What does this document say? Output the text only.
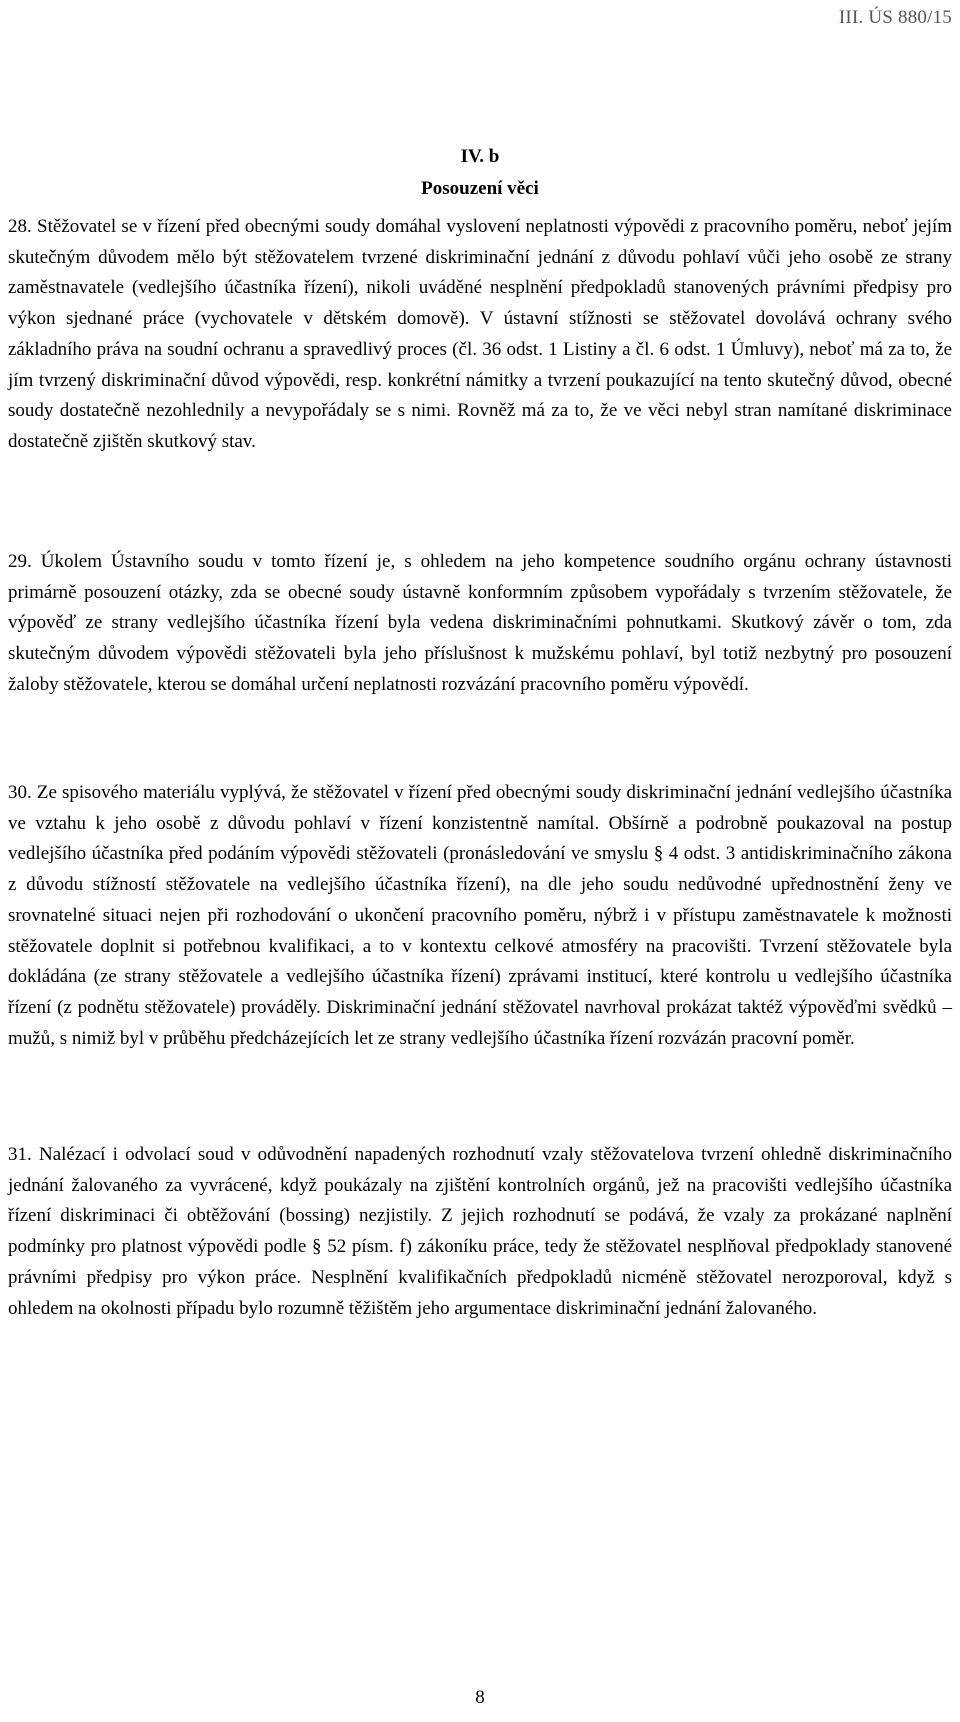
III. ÚS 880/15
IV. b
Posouzení věci

28. Stěžovatel se v řízení před obecnými soudy domáhal vyslovení neplatnosti výpovědi z pracovního poměru, neboť jejím skutečným důvodem mělo být stěžovatelem tvrzené diskriminační jednání z důvodu pohlaví vůči jeho osobě ze strany zaměstnavatele (vedlejšího účastníka řízení), nikoli uváděné nesplnění předpokladů stanovených právními předpisy pro výkon sjednané práce (vychovatele v dětském domově). V ústavní stížnosti se stěžovatel dovolává ochrany svého základního práva na soudní ochranu a spravedlivý proces (čl. 36 odst. 1 Listiny a čl. 6 odst. 1 Úmluvy), neboť má za to, že jím tvrzený diskriminační důvod výpovědi, resp. konkrétní námitky a tvrzení poukazující na tento skutečný důvod, obecné soudy dostatečně nezohlednily a nevypořádaly se s nimi. Rovněž má za to, že ve věci nebyl stran namítané diskriminace dostatečně zjištěn skutkový stav.

29. Úkolem Ústavního soudu v tomto řízení je, s ohledem na jeho kompetence soudního orgánu ochrany ústavnosti primárně posouzení otázky, zda se obecné soudy ústavně konformním způsobem vypořádaly s tvrzením stěžovatele, že výpověď ze strany vedlejšího účastníka řízení byla vedena diskriminačními pohnutkami. Skutkový závěr o tom, zda skutečným důvodem výpovědi stěžovateli byla jeho příslušnost k mužskému pohlaví, byl totiž nezbytný pro posouzení žaloby stěžovatele, kterou se domáhal určení neplatnosti rozvázání pracovního poměru výpovědí.

30. Ze spisového materiálu vyplývá, že stěžovatel v řízení před obecnými soudy diskriminační jednání vedlejšího účastníka ve vztahu k jeho osobě z důvodu pohlaví v řízení konzistentně namítal. Obšírně a podrobně poukazoval na postup vedlejšího účastníka před podáním výpovědi stěžovateli (pronásledování ve smyslu § 4 odst. 3 antidiskriminačního zákona z důvodu stížností stěžovatele na vedlejšího účastníka řízení), na dle jeho soudu nedůvodné upřednostnění ženy ve srovnatelné situaci nejen při rozhodování o ukončení pracovního poměru, nýbrž i v přístupu zaměstnavatele k možnosti stěžovatele doplnit si potřebnou kvalifikaci, a to v kontextu celkové atmosféry na pracovišti. Tvrzení stěžovatele byla dokládána (ze strany stěžovatele a vedlejšího účastníka řízení) zprávami institucí, které kontrolu u vedlejšího účastníka řízení (z podnětu stěžovatele) prováděly. Diskriminační jednání stěžovatel navrhoval prokázat taktéž výpověďmi svědků – mužů, s nimiž byl v průběhu předcházejících let ze strany vedlejšího účastníka řízení rozvázán pracovní poměr.

31. Nalézací i odvolací soud v odůvodnění napadených rozhodnutí vzaly stěžovatelova tvrzení ohledně diskriminačního jednání žalovaného za vyvrácené, když poukázaly na zjištění kontrolních orgánů, jež na pracovišti vedlejšího účastníka řízení diskriminaci či obtěžování (bossing) nezjistily. Z jejich rozhodnutí se podává, že vzaly za prokázané naplnění podmínky pro platnost výpovědi podle § 52 písm. f) zákoníku práce, tedy že stěžovatel nesplňoval předpoklady stanovené právními předpisy pro výkon práce. Nesplnění kvalifikačních předpokladů nicméně stěžovatel nerozporoval, když s ohledem na okolnosti případu bylo rozumně těžištěm jeho argumentace diskriminační jednání žalovaného.

8
